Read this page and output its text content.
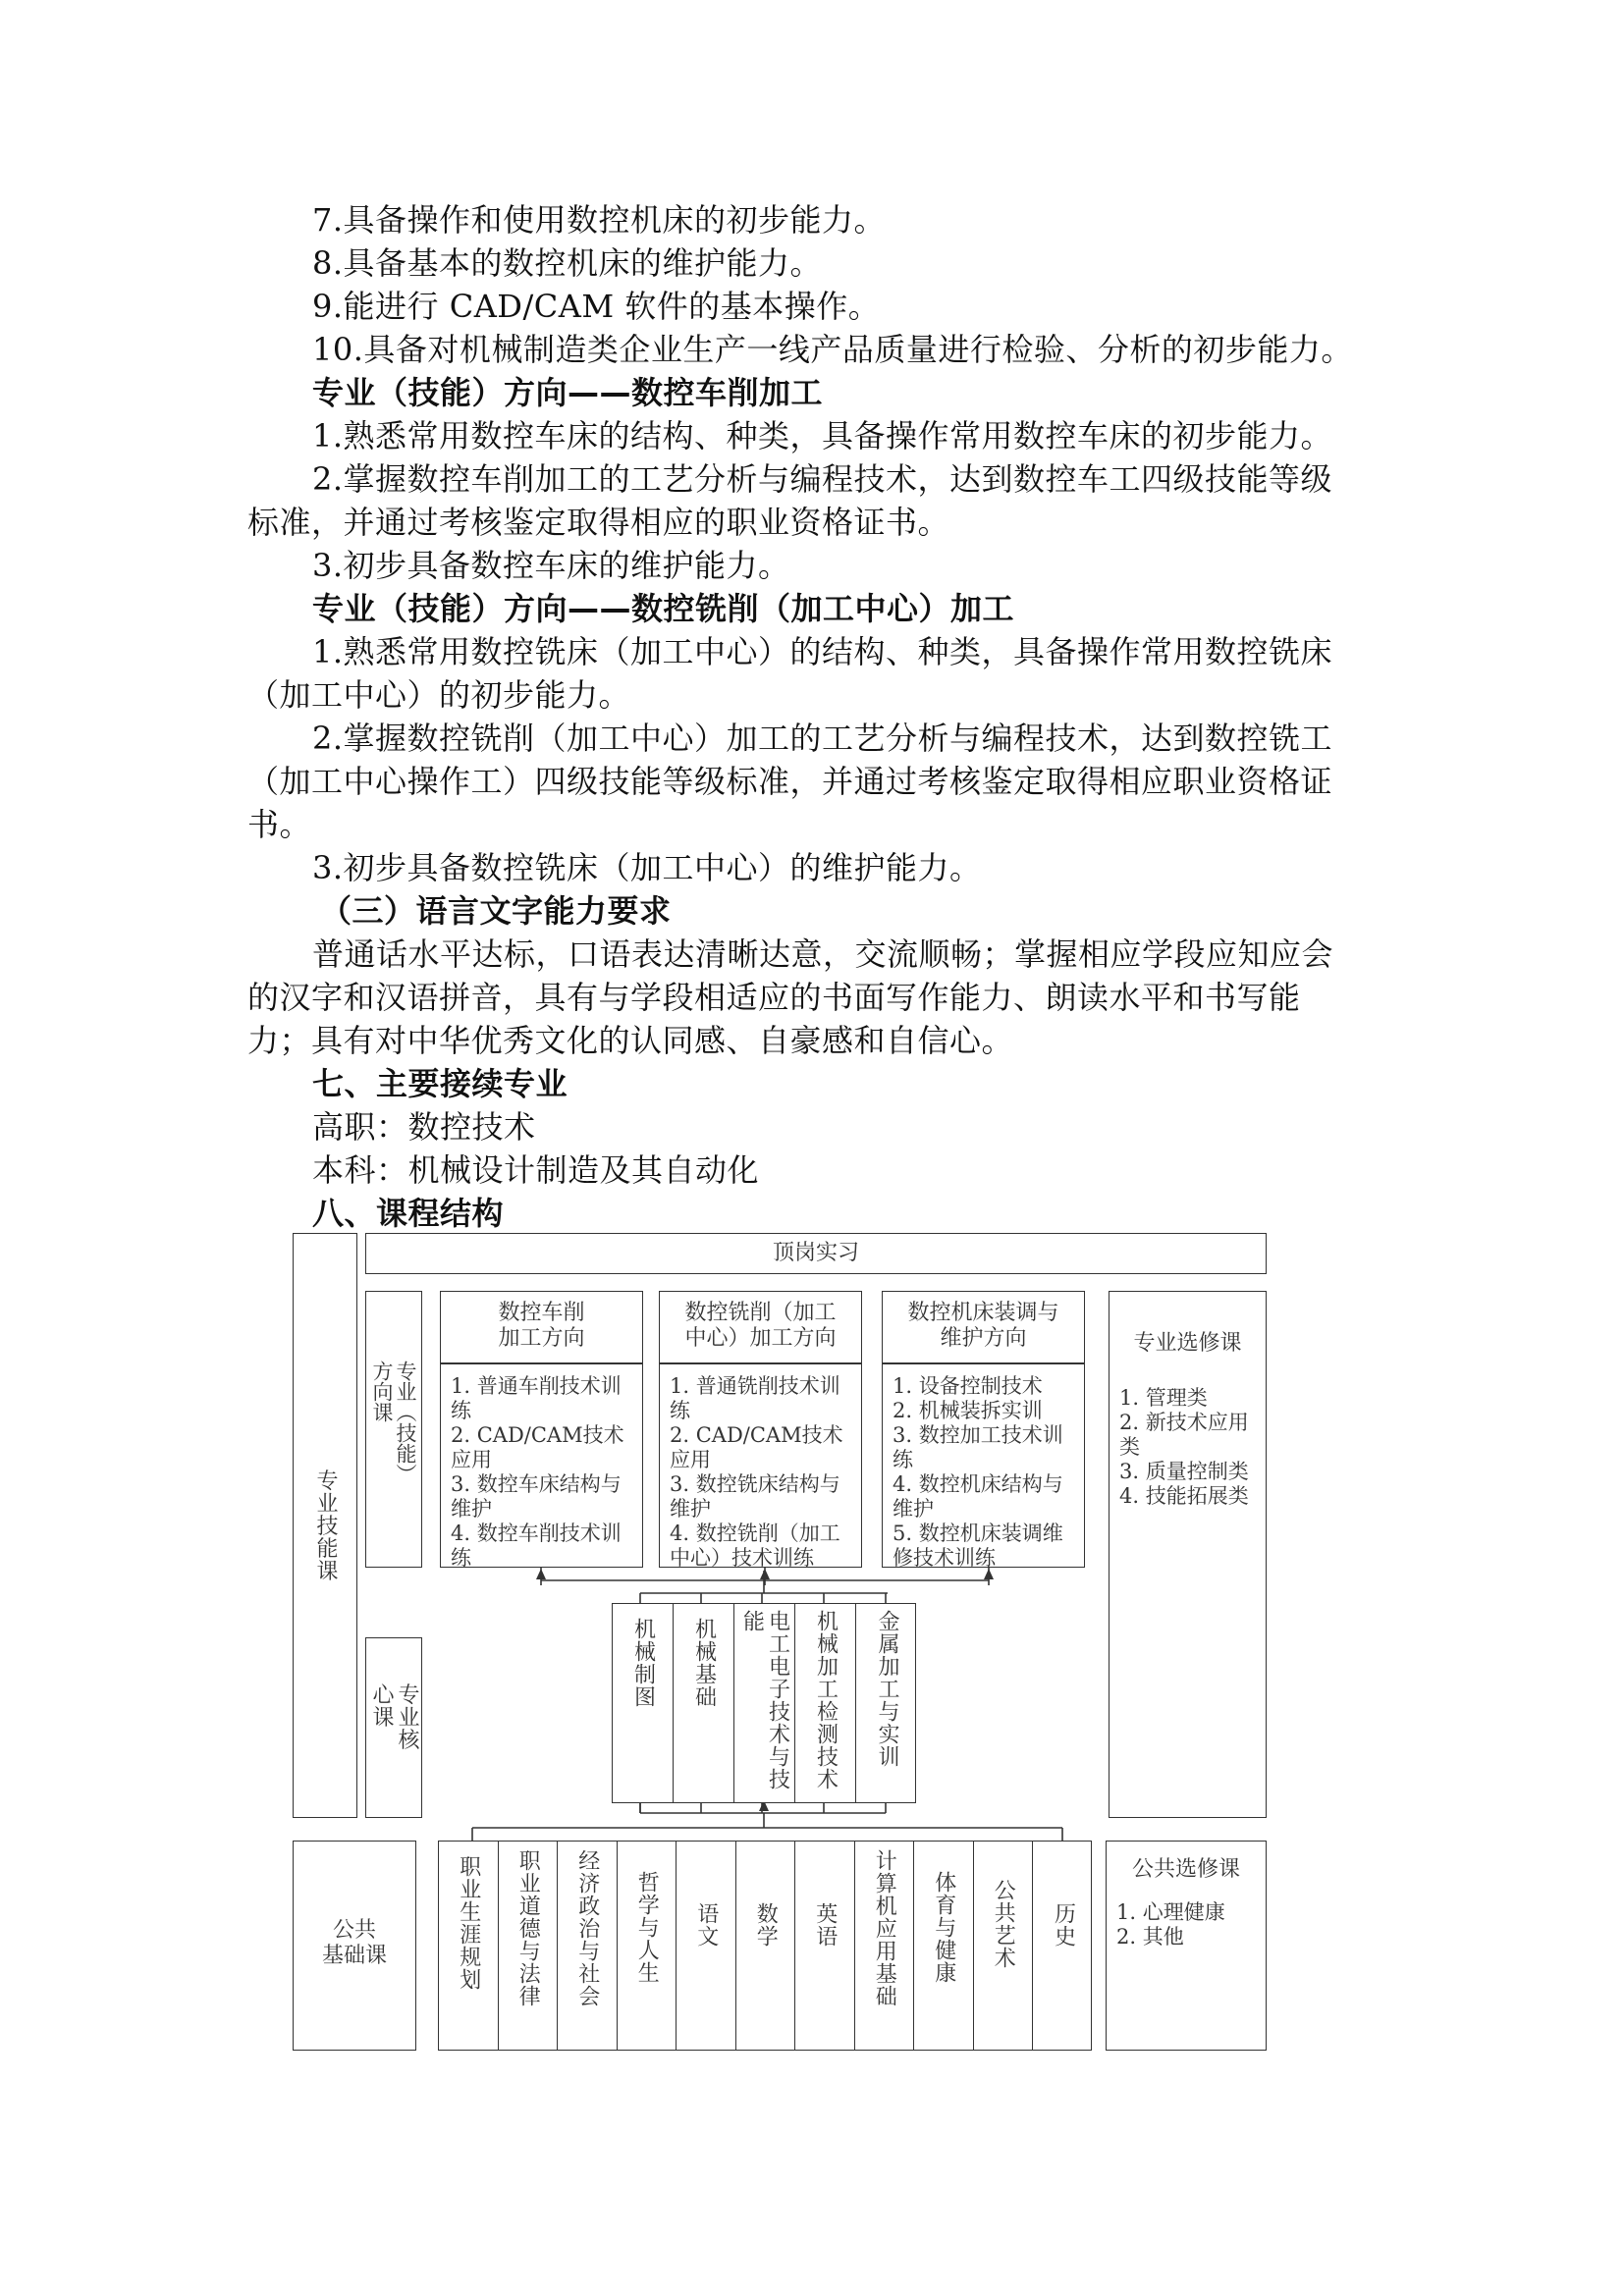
7.具备操作和使用数控机床的初步能力。
8.具备基本的数控机床的维护能力。
9.能进行 CAD/CAM 软件的基本操作。
10.具备对机械制造类企业生产一线产品质量进行检验、分析的初步能力。
专业（技能）方向——数控车削加工
1.熟悉常用数控车床的结构、种类，具备操作常用数控车床的初步能力。
2.掌握数控车削加工的工艺分析与编程技术，达到数控车工四级技能等级
标准，并通过考核鉴定取得相应的职业资格证书。
3.初步具备数控车床的维护能力。
专业（技能）方向——数控铣削（加工中心）加工
1.熟悉常用数控铣床（加工中心）的结构、种类，具备操作常用数控铣床
（加工中心）的初步能力。
2.掌握数控铣削（加工中心）加工的工艺分析与编程技术，达到数控铣工
（加工中心操作工）四级技能等级标准，并通过考核鉴定取得相应职业资格证
书。
3.初步具备数控铣床（加工中心）的维护能力。
（三）语言文字能力要求
普通话水平达标，口语表达清晰达意，交流顺畅；掌握相应学段应知应会
的汉字和汉语拼音，具有与学段相适应的书面写作能力、朗读水平和书写能
力；具有对中华优秀文化的认同感、自豪感和自信心。
七、主要接续专业
高职：数控技术
本科：机械设计制造及其自动化
八、课程结构
专业技能课
顶岗实习
专业（技能）方向课
数控车削
加工方向
1. 普通车削技术训练
2. CAD/CAM技术应用
3. 数控车床结构与维护
4. 数控车削技术训练
数控铣削（加工
中心）加工方向
1. 普通铣削技术训练
2. CAD/CAM技术应用
3. 数控铣床结构与维护
4. 数控铣削（加工中心）技术训练
数控机床装调与
维护方向
1. 设备控制技术
2. 机械装拆实训
3. 数控加工技术训练
4. 数控机床结构与维护
5. 数控机床装调维修技术训练
专业选修课
1. 管理类
2. 新技术应用类
3. 质量控制类
4. 技能拓展类
专业核心课	机械制图 机械基础	电工电子技术与技能	机械加工检测技术 金属加工与实训
公共
基础课	职业生涯规划 职业道德与法律 经济政治与社会 哲学与人生 语文 数学 英语 计算机应用基础 体育与健康 公共艺术 历史
公共选修课
1. 心理健康
2. 其他
